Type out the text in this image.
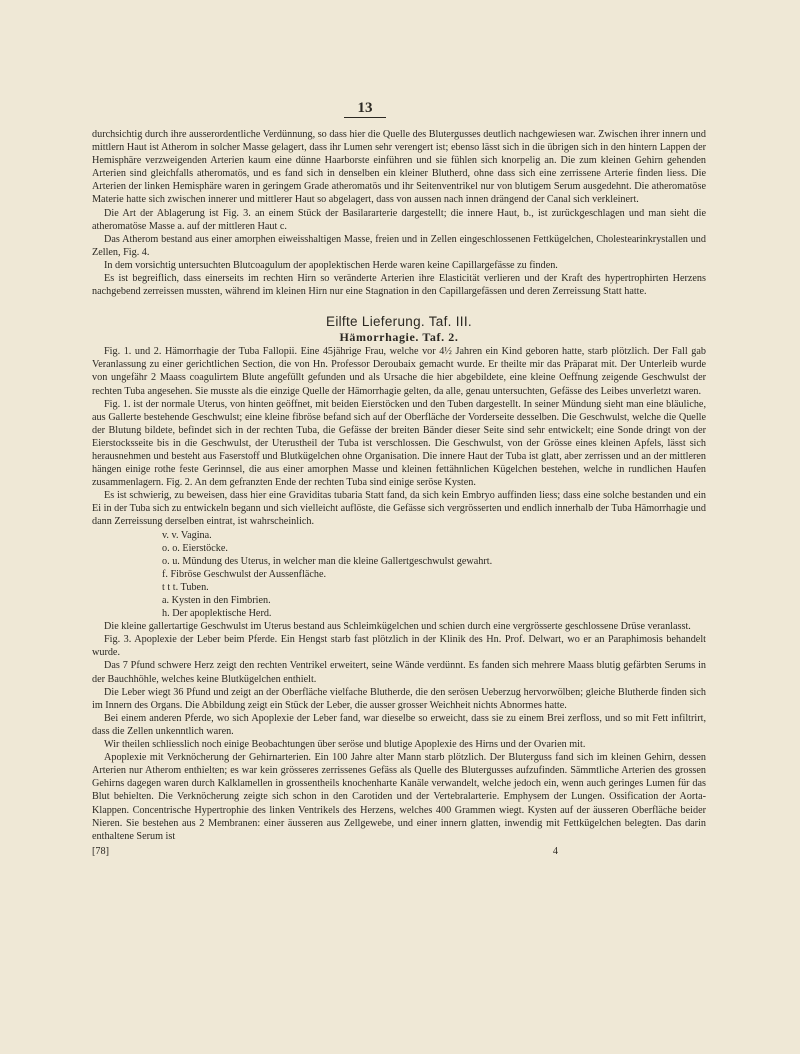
13

durchsichtig durch ihre ausserordentliche Verdünnung, so dass hier die Quelle des Blutergusses deutlich nachgewiesen war. Zwischen ihrer innern und mittlern Haut ist Atherom in solcher Masse gelagert, dass ihr Lumen sehr verengert ist; ebenso lässt sich in die übrigen sich in den hintern Lappen der Hemisphäre verzweigenden Arterien kaum eine dünne Haarborste einführen und sie fühlen sich knorpelig an. Die zum kleinen Gehirn gehenden Arterien sind gleichfalls atheromatös, und es fand sich in denselben ein kleiner Blutherd, ohne dass sich eine zerrissene Arterie finden liess. Die Arterien der linken Hemisphäre waren in geringem Grade atheromatös und ihr Seitenventrikel nur von blutigem Serum ausgedehnt. Die atheromatöse Materie hatte sich zwischen innerer und mittlerer Haut so abgelagert, dass von aussen nach innen drängend der Canal sich verkleinert.

Die Art der Ablagerung ist Fig. 3. an einem Stück der Basilararterie dargestellt; die innere Haut, b., ist zurückgeschlagen und man sieht die atheromatöse Masse a. auf der mittleren Haut c.

Das Atherom bestand aus einer amorphen eiweisshaltigen Masse, freien und in Zellen eingeschlossenen Fettkügelchen, Cholestearinkrystallen und Zellen, Fig. 4.

In dem vorsichtig untersuchten Blutcoagulum der apoplektischen Herde waren keine Capillargefässe zu finden.

Es ist begreiflich, dass einerseits im rechten Hirn so veränderte Arterien ihre Elasticität verlieren und der Kraft des hypertrophirten Herzens nachgebend zerreissen mussten, während im kleinen Hirn nur eine Stagnation in den Capillargefässen und deren Zerreissung Statt hatte.

Eilfte Lieferung. Taf. III.
Hämorrhagie. Taf. 2.

Fig. 1. und 2. Hämorrhagie der Tuba Fallopii. Eine 45jährige Frau, welche vor 4½ Jahren ein Kind geboren hatte, starb plötzlich. Der Fall gab Veranlassung zu einer gerichtlichen Section, die von Hn. Professor Deroubaix gemacht wurde. Er theilte mir das Präparat mit. Der Unterleib wurde von ungefähr 2 Maass coagulirtem Blute angefüllt gefunden und als Ursache die hier abgebildete, eine kleine Oeffnung zeigende Geschwulst der rechten Tuba angesehen. Sie musste als die einzige Quelle der Hämorrhagie gelten, da alle, genau untersuchten, Gefässe des Leibes unverletzt waren.

Fig. 1. ist der normale Uterus, von hinten geöffnet, mit beiden Eierstöcken und den Tuben dargestellt. In seiner Mündung sieht man eine bläuliche, aus Gallerte bestehende Geschwulst; eine kleine fibröse befand sich auf der Oberfläche der Vorderseite desselben. Die Geschwulst, welche die Quelle der Blutung bildete, befindet sich in der rechten Tuba, die Gefässe der breiten Bänder dieser Seite sind sehr entwickelt; eine Sonde dringt von der Eierstocksseite bis in die Geschwulst, der Uterustheil der Tuba ist verschlossen. Die Geschwulst, von der Grösse eines kleinen Apfels, lässt sich herausnehmen und besteht aus Faserstoff und Blutkügelchen ohne Organisation. Die innere Haut der Tuba ist glatt, aber zerrissen und an der mittleren hängen einige rothe feste Gerinnsel, die aus einer amorphen Masse und kleinen fettähnlichen Kügelchen bestehen, welche in rundlichen Haufen zusammenlagern. Fig. 2. An dem gefranzten Ende der rechten Tuba sind einige seröse Kysten.

Es ist schwierig, zu beweisen, dass hier eine Graviditas tubaria Statt fand, da sich kein Embryo auffinden liess; dass eine solche bestanden und ein Ei in der Tuba sich zu entwickeln begann und sich vielleicht auflöste, die Gefässe sich vergrösserten und endlich innerhalb der Tuba Hämorrhagie und dann Zerreissung derselben eintrat, ist wahrscheinlich.

v. v. Vagina.

o. o. Eierstöcke.

o. u. Mündung des Uterus, in welcher man die kleine Gallertgeschwulst gewahrt.

f. Fibröse Geschwulst der Aussenfläche.

t t t. Tuben.

a. Kysten in den Fimbrien.

h. Der apoplektische Herd.

Die kleine gallertartige Geschwulst im Uterus bestand aus Schleimkügelchen und schien durch eine vergrösserte geschlossene Drüse veranlasst.

Fig. 3. Apoplexie der Leber beim Pferde. Ein Hengst starb fast plötzlich in der Klinik des Hn. Prof. Delwart, wo er an Paraphimosis behandelt wurde.

Das 7 Pfund schwere Herz zeigt den rechten Ventrikel erweitert, seine Wände verdünnt. Es fanden sich mehrere Maass blutig gefärbten Serums in der Bauchhöhle, welches keine Blutkügelchen enthielt.

Die Leber wiegt 36 Pfund und zeigt an der Oberfläche vielfache Blutherde, die den serösen Ueberzug hervorwölben; gleiche Blutherde finden sich im Innern des Organs. Die Abbildung zeigt ein Stück der Leber, die ausser grosser Weichheit nichts Abnormes hatte.

Bei einem anderen Pferde, wo sich Apoplexie der Leber fand, war dieselbe so erweicht, dass sie zu einem Brei zerfloss, und so mit Fett infiltrirt, dass die Zellen unkenntlich waren.

Wir theilen schliesslich noch einige Beobachtungen über seröse und blutige Apoplexie des Hirns und der Ovarien mit.

Apoplexie mit Verknöcherung der Gehirnarterien. Ein 100 Jahre alter Mann starb plötzlich. Der Bluterguss fand sich im kleinen Gehirn, dessen Arterien nur Atherom enthielten; es war kein grösseres zerrissenes Gefäss als Quelle des Blutergusses aufzufinden. Sämmtliche Arterien des grossen Gehirns dagegen waren durch Kalklamellen in grossentheils knochenharte Kanäle verwandelt, welche jedoch ein, wenn auch geringes Lumen für das Blut behielten. Die Verknöcherung zeigte sich schon in den Carotiden und der Vertebralarterie. Emphysem der Lungen. Ossification der Aorta-Klappen. Concentrische Hypertrophie des linken Ventrikels des Herzens, welches 400 Grammen wiegt. Kysten auf der äusseren Oberfläche beider Nieren. Sie bestehen aus 2 Membranen: einer äusseren aus Zellgewebe, und einer innern glatten, inwendig mit Fettkügelchen belegten. Das darin enthaltene Serum ist

[78]	4
